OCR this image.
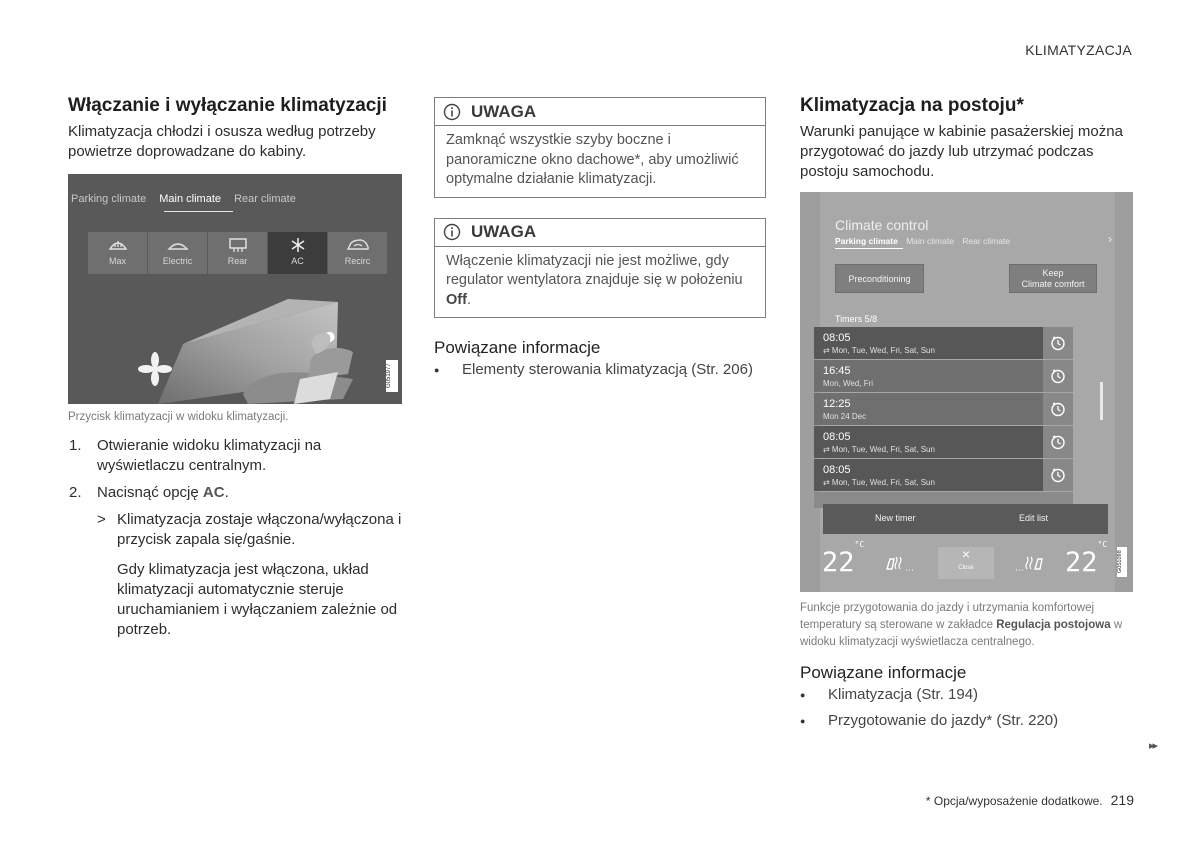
KLIMATYZACJA
Włączanie i wyłączanie klimatyzacji

Klimatyzacja chłodzi i osusza według potrzeby powietrze doprowadzane do kabiny.

Parking climate Main climate Rear climate
Max	Electric	Rear	AC	Recirc
G051977

Przycisk klimatyzacji w widoku klimatyzacji.

1. Otwieranie widoku klimatyzacji na wyświetlaczu centralnym.
2. Nacisnąć opcję AC.
> Klimatyzacja zostaje włączona/wyłączona i przycisk zapala się/gaśnie.

Gdy klimatyzacja jest włączona, układ klimatyzacji automatycznie steruje uruchamianiem i wyłączaniem zależnie od potrzeb.

UWAGA
Zamknąć wszystkie szyby boczne i panoramiczne okno dachowe*, aby umożliwić optymalne działanie klimatyzacji.
UWAGA
Włączenie klimatyzacji nie jest możliwe, gdy regulator wentylatora znajduje się w położeniu Off.
Powiązane informacje
● Elementy sterowania klimatyzacją (Str. 206)
Klimatyzacja na postoju*

Warunki panujące w kabinie pasażerskiej można przygotować do jazdy lub utrzymać podczas postoju samochodu.

Climate control
Parking climate Main climate Rear climate	›
Preconditioning
Keep
Climate comfort
Timers 5/8
08:05
⇄ Mon, Tue, Wed, Fri, Sat, Sun
16:45
Mon, Wed, Fri
12:25
Mon 24 Dec
08:05
⇄ Mon, Tue, Wed, Fri, Sat, Sun
08:05
⇄ Mon, Tue, Wed, Fri, Sat, Sun
New timer	Edit list
$22^{^\circ C}$
×
Close	$22^{^\circ C}$
G051098

Funkcje przygotowania do jazdy i utrzymania komfortowej temperatury są sterowane w zakładce Regulacja postojowa w widoku klimatyzacji wyświetlacza centralnego.

Powiązane informacje
● Klimatyzacja (Str. 194)
● Przygotowanie do jazdy* (Str. 220)
▸▸
* Opcja/wyposażenie dodatkowe. 219
